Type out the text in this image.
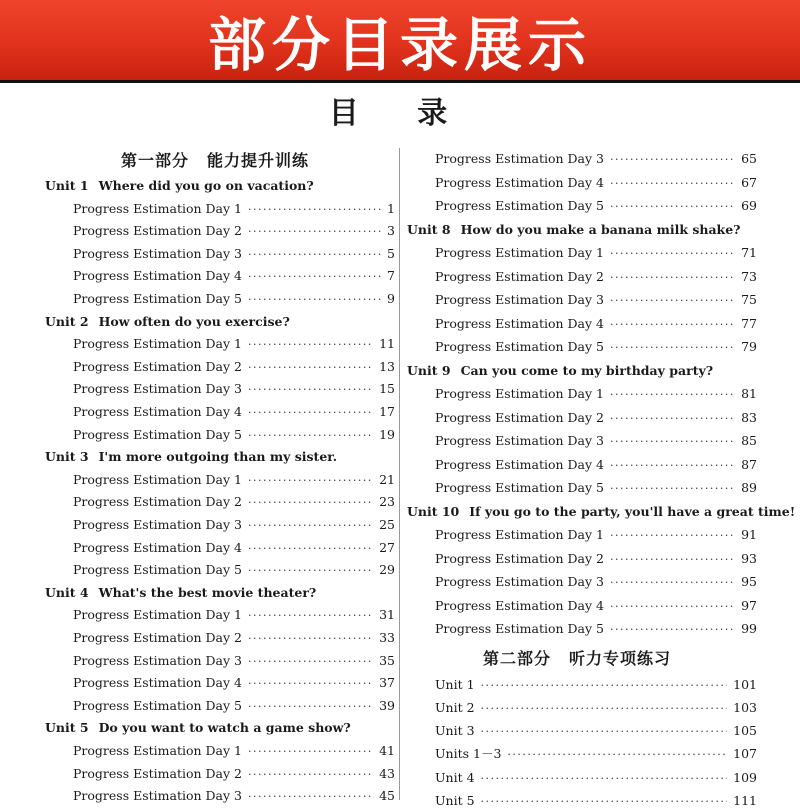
部分目录展示
目 录
第一部分 能力提升训练
Unit 1 Where did you go on vacation?
Progress Estimation Day 1 ·····	1
Progress Estimation Day 2 ·····	3
Progress Estimation Day 3 ·····	5
Progress Estimation Day 4 ·····	7
Progress Estimation Day 5 ·····	9
Unit 2 How often do you exercise?
Progress Estimation Day 1 ·····	11
Progress Estimation Day 2 ·····	13
Progress Estimation Day 3 ·····	15
Progress Estimation Day 4 ·····	17
Progress Estimation Day 5 ·····	19
Unit 3 I'm more outgoing than my sister.
Progress Estimation Day 1 ·····	21
Progress Estimation Day 2 ·····	23
Progress Estimation Day 3 ·····	25
Progress Estimation Day 4 ·····	27
Progress Estimation Day 5 ·····	29
Unit 4 What's the best movie theater?
Progress Estimation Day 1 ·····	31
Progress Estimation Day 2 ·····	33
Progress Estimation Day 3 ·····	35
Progress Estimation Day 4 ·····	37
Progress Estimation Day 5 ·····	39
Unit 5 Do you want to watch a game show?
Progress Estimation Day 1 ·····	41
Progress Estimation Day 2 ·····	43
Progress Estimation Day 3 ·····	45
Progress Estimation Day 3 ·····	65
Progress Estimation Day 4 ·····	67
Progress Estimation Day 5 ·····	69
Unit 8 How do you make a banana milk shake?
Progress Estimation Day 1 ·····	71
Progress Estimation Day 2 ·····	73
Progress Estimation Day 3 ·····	75
Progress Estimation Day 4 ·····	77
Progress Estimation Day 5 ·····	79
Unit 9 Can you come to my birthday party?
Progress Estimation Day 1 ·····	81
Progress Estimation Day 2 ·····	83
Progress Estimation Day 3 ·····	85
Progress Estimation Day 4 ·····	87
Progress Estimation Day 5 ·····	89
Unit 10 If you go to the party, you'll have a great time!
Progress Estimation Day 1 ·····	91
Progress Estimation Day 2 ·····	93
Progress Estimation Day 3 ·····	95
Progress Estimation Day 4 ·····	97
Progress Estimation Day 5 ·····	99
第二部分 听力专项练习
Unit 1 ·····	101
Unit 2 ·····	103
Unit 3 ·····	105
Units 1－3 ·····	107
Unit 4 ·····	109
Unit 5 ·····	111
